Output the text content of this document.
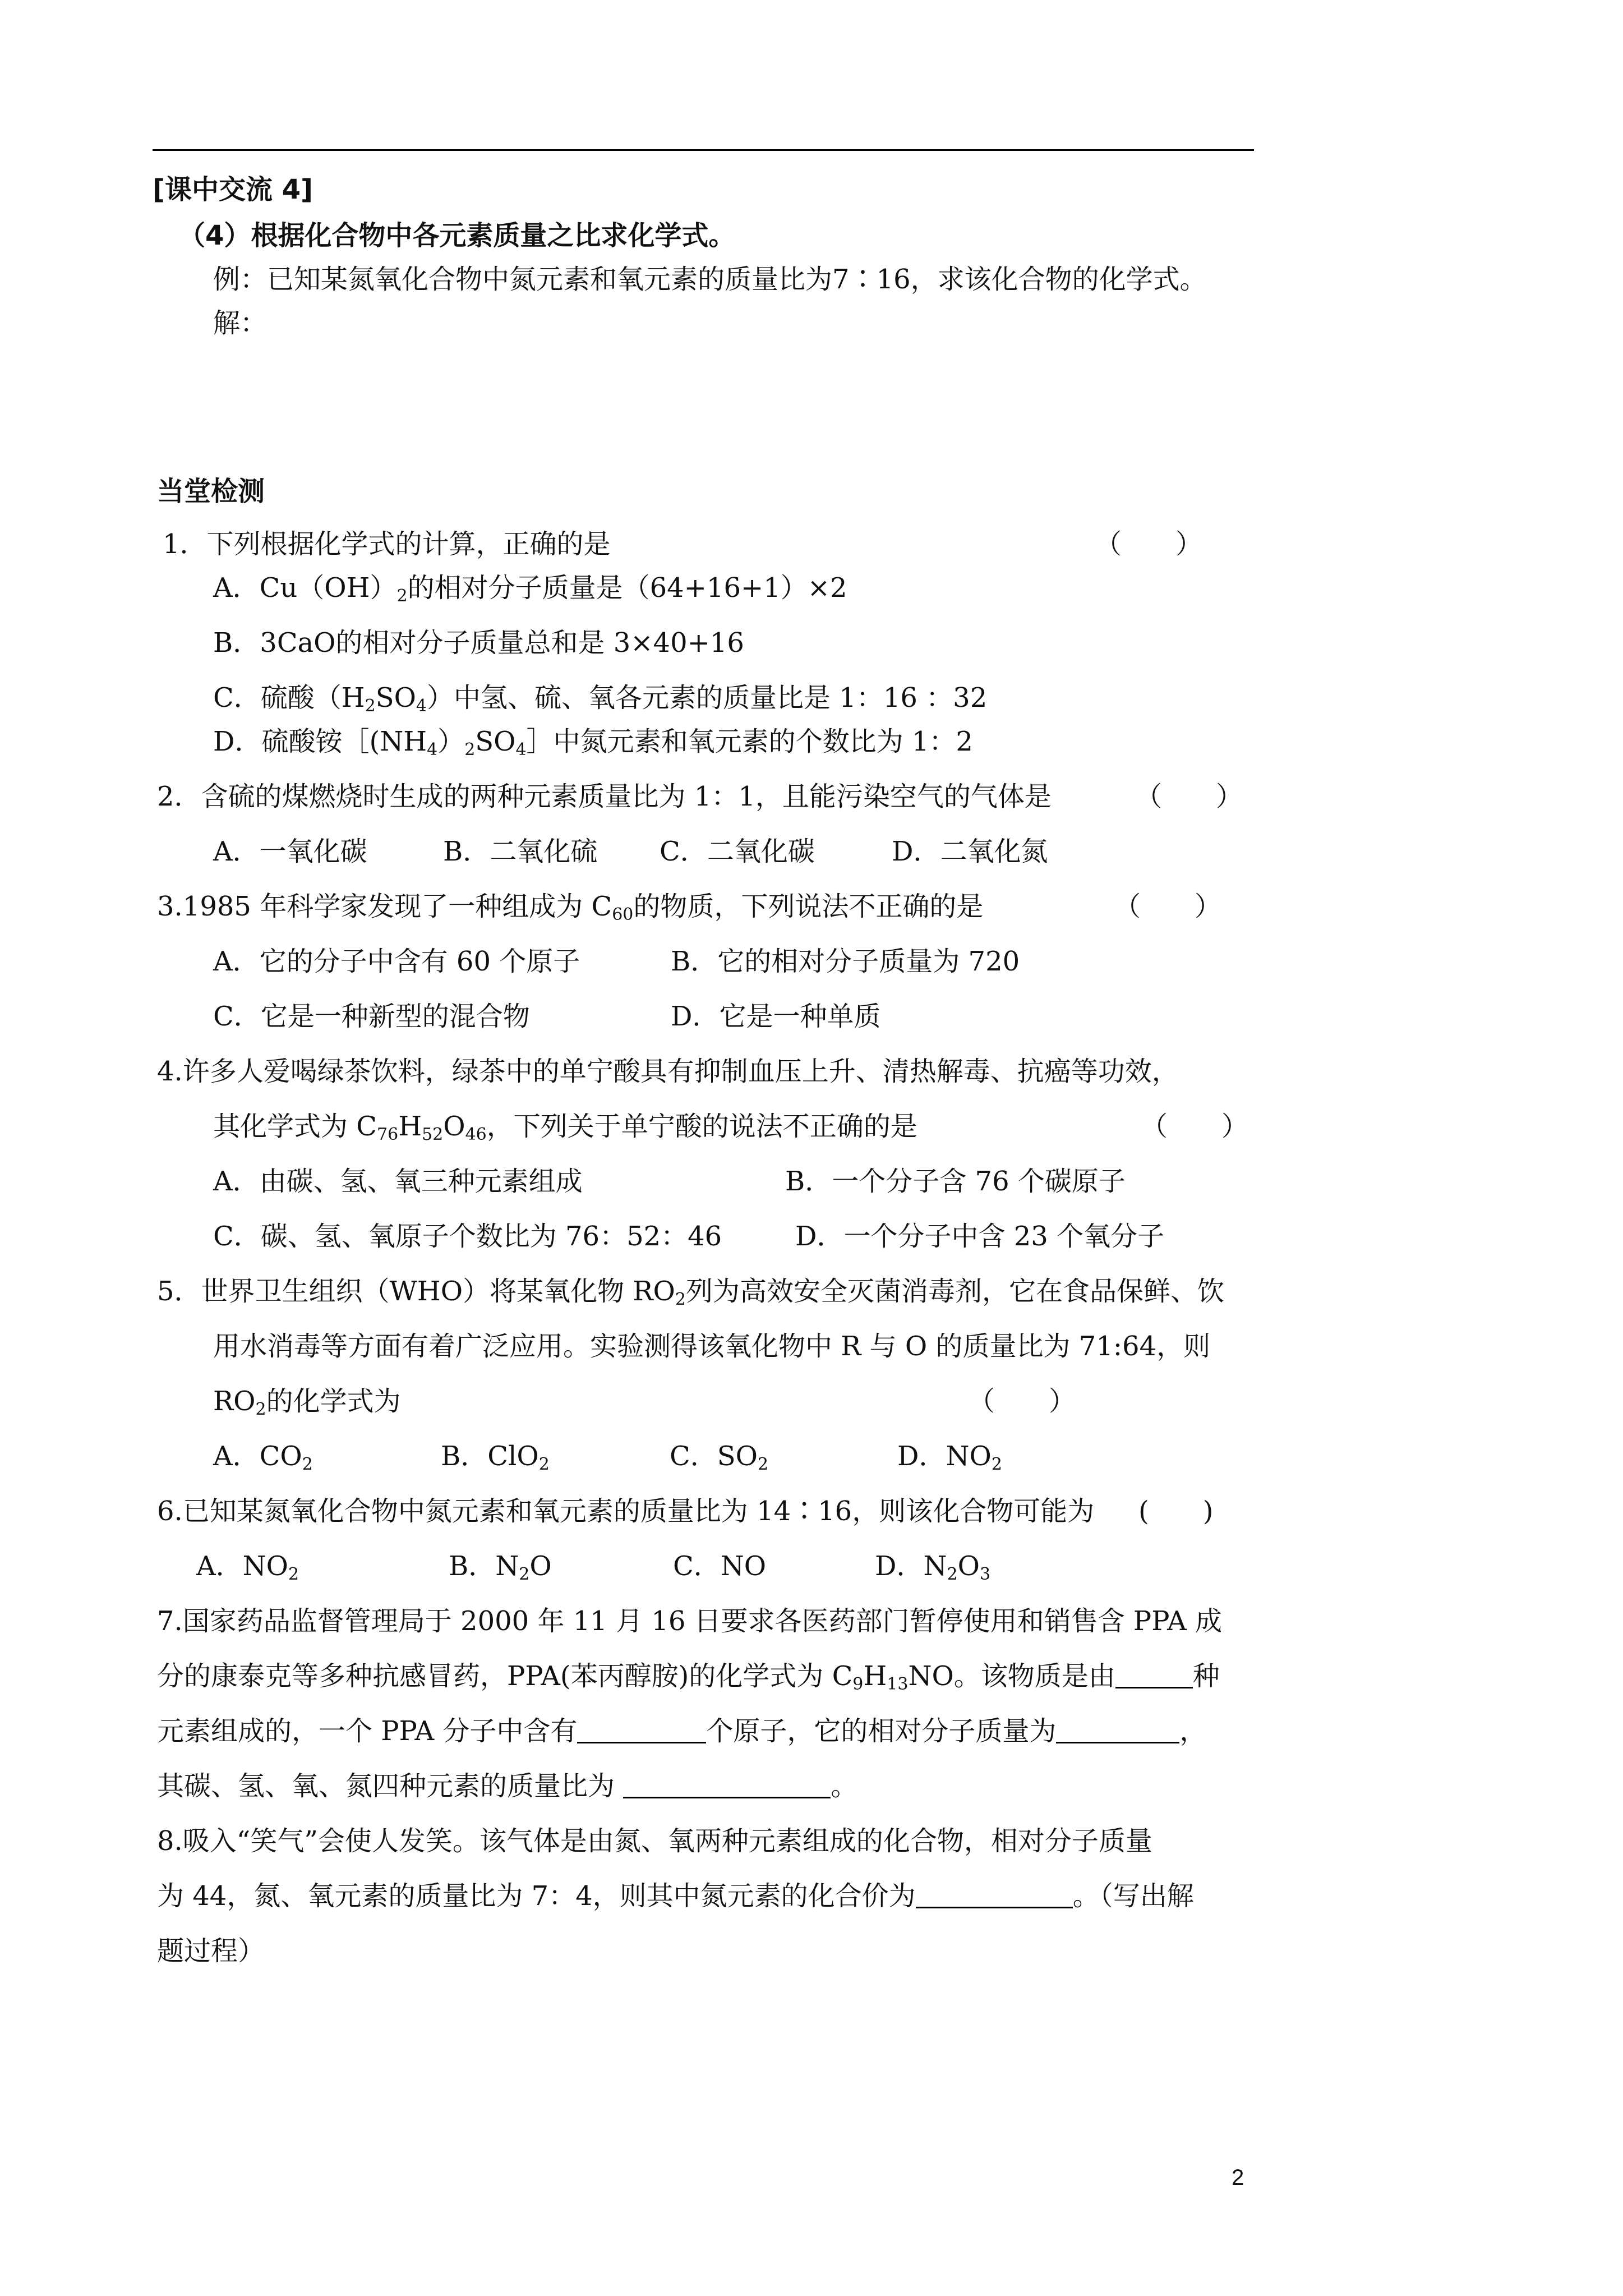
[课中交流 4]
（4）根据化合物中各元素质量之比求化学式。
例：已知某氮氧化合物中氮元素和氧元素的质量比为7∶16，求该化合物的化学式。
解：
当堂检测
1．下列根据化学式的计算，正确的是	（　　）
A．$Cu(OH)_2$的相对分子质量是（64+16+1）×2
B．3CaO的相对分子质量总和是 3×40+16
C．硫酸$(H_2SO_4)$中氢、硫、氧各元素的质量比是 1：16 ：32
D．硫酸铵$[(NH_4)_2SO_4]$中氮元素和氧元素的个数比为 1：2
2．含硫的煤燃烧时生成的两种元素质量比为 1：1，且能污染空气的气体是	（　　）
A．一氧化碳	B．二氧化硫 C．二氧化碳	D．二氧化氮
3.1985 年科学家发现了一种组成为 $C_{60}$的物质，下列说法不正确的是	（　　）
A．它的分子中含有 60 个原子	B．它的相对分子质量为 720
C．它是一种新型的混合物	D．它是一种单质
4.许多人爱喝绿茶饮料，绿茶中的单宁酸具有抑制血压上升、清热解毒、抗癌等功效，
其化学式为 $C_{76}H_{52}O_{46}$，下列关于单宁酸的说法不正确的是	（　　）
A．由碳、氢、氧三种元素组成	B．一个分子含 76 个碳原子
C．碳、氢、氧原子个数比为 76：52：46	D．一个分子中含 23 个氧分子
5．世界卫生组织（WHO）将某氧化物 $RO_2$列为高效安全灭菌消毒剂，它在食品保鲜、饮
用水消毒等方面有着广泛应用。实验测得该氧化物中 R 与 O 的质量比为 71:64，则
$RO_2$的化学式为	（　　）
A．$CO_2$	B．ClO$_2$	C．$SO_2$	D．$NO_2$
6.已知某氮氧化合物中氮元素和氧元素的质量比为 14∶16，则该化合物可能为 (　　)
A．$NO_2$	B．$N_2O$	C．NO	D．$N_2O_3$
7.国家药品监督管理局于 2000 年 11 月 16 日要求各医药部门暂停使用和销售含 PPA 成
分的康泰克等多种抗感冒药，PPA(苯丙醇胺)的化学式为 $C_9H_{13}NO$。该物质是由	种
元素组成的，一个 PPA 分子中含有	个原子，它的相对分子质量为	，
其碳、氢、氧、氮四种元素的质量比为	。
8.吸入“笑气”会使人发笑。该气体是由氮、氧两种元素组成的化合物，相对分子质量
为 44，氮、氧元素的质量比为 7：4，则其中氮元素的化合价为	。（写出解
题过程）
2
